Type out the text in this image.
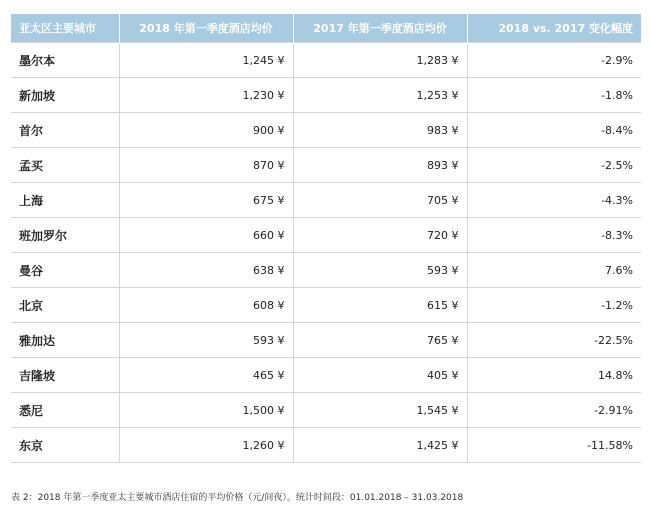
亚太区主要城市	2018 年第一季度酒店均价	2017 年第一季度酒店均价	2018 vs. 2017 变化幅度
墨尔本	1,245 ¥	1,283 ¥	-2.9%
新加坡	1,230 ¥	1,253 ¥	-1.8%
首尔	900 ¥	983 ¥	-8.4%
孟买	870 ¥	893 ¥	-2.5%
上海	675 ¥	705 ¥	-4.3%
班加罗尔	660 ¥	720 ¥	-8.3%
曼谷	638 ¥	593 ¥	7.6%
北京	608 ¥	615 ¥	-1.2%
雅加达	593 ¥	765 ¥	-22.5%
吉隆坡	465 ¥	405 ¥	14.8%
悉尼	1,500 ¥	1,545 ¥	-2.91%
东京	1,260 ¥	1,425 ¥	-11.58%
表 2：2018 年第一季度亚太主要城市酒店住宿的平均价格（元/间夜）。统计时间段：01.01.2018 – 31.03.2018
